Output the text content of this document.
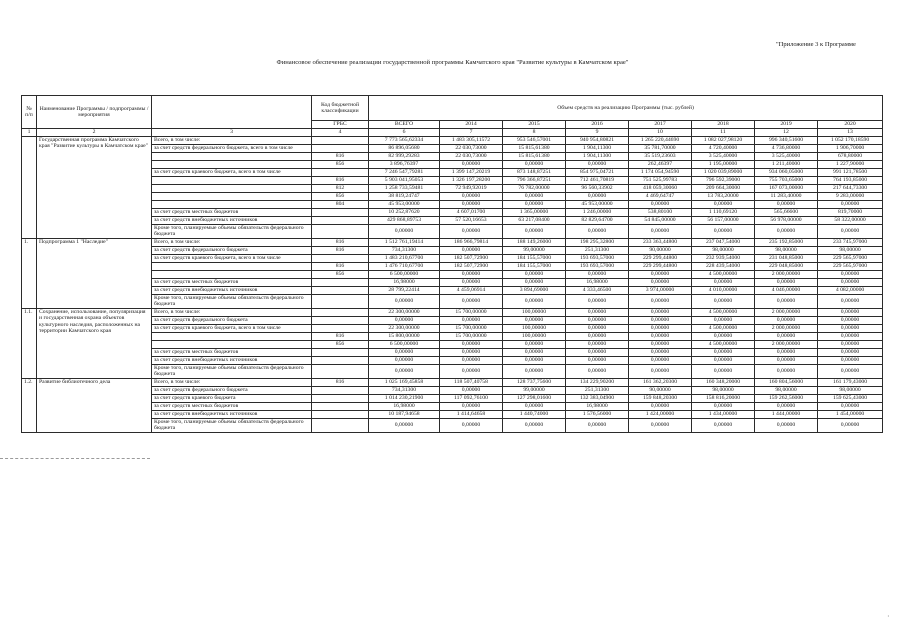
"Приложение 3 к Программе
Финансовое обеспечение реализации государственной программы Камчатского края "Развитие культуры в Камчатском крае"
№ п/п	Наименование Программы / подпрограммы / мероприятия		Код бюджетной классификации	Объем средств на реализацию Программы (тыс. рублей)							
			ГРБС	ВСЕГО	2014	2015	2016	2017	2018	2019	2020
1	2	3	4	6	7	8	9	10	11	12	13
	Государственная программа Камчатского края "Развитие культуры в Камчатском крае"	Всего, в том числе:		7 773 565,62334	1 483 305,11572	953 546,57001	940 954,80821	1 265 220,44690	1 082 027,98120	996 340,51600	1 052 170,18590
		за счет средств федерального бюджета, всего в том числе		86 896,05680	22 030,73000	15 815,61380	1 904,11300	35 781,70000	4 720,40000	4 736,80000	1 906,70000
			816	82 999,29283	22 030,73000	15 815,61380	1 904,11300	35 519,23603	3 525,40000	3 525,40000	678,80000
			856	3 896,76397	0,00000	0,00000	0,00000	262,46397	1 195,00000	1 211,40000	1 227,90000
		за счет средств краевого бюджета, всего в том числе		7 246 547,79281	1 399 147,20219	873 148,87251	854 975,04721	1 174 054,94590	1 020 039,89000	934 060,05000	991 121,78500
			816	5 903 041,95053	1 326 197,28200	796 366,87251	712 461,70819	751 525,99783	796 592,39000	755 703,65000	764 193,85000
			812	1 258 733,59481	72 949,92019	76 782,00000	96 560,33902	418 059,30060	209 664,30000	167 073,00000	217 644,73300
			856	38 819,24747	0,00000	0,00000	0,00000	4 469,64747	13 783,20000	11 283,40000	9 283,00000
			804	45 953,00000	0,00000	0,00000	45 953,00000	0,00000	0,00000	0,00000	0,00000
		за счет средств местных бюджетов		10 252,87620	4 607,01700	1 365,00000	1 246,00000	538,80100	1 110,69120	565,66600	819,70000
		за счет средств внебюджетных источников		429 868,89753	57 520,16653	63 217,08400	82 829,64700	54 845,00000	56 157,00000	56 978,00000	58 322,00000
		Кроме того, планируемые объемы обязательств федерального бюджета		0,00000	0,00000	0,00000	0,00000	0,00000	0,00000	0,00000	0,00000
1.	Подпрограмма 1 "Наследие"	Всего, в том числе:	816	1 512 761,19414	186 966,79814	188 149,26000	198 295,32800	233 363,44800	237 047,54000	235 192,85000	233 745,97000
		за счет средств федерального бюджета	816	734,31300	0,00000	99,00000	251,31300	90,00000	98,00000	98,00000	98,00000
		за счет средств краевого бюджета, всего в том числе		1 483 210,67700	182 507,72900	184 155,57000	193 693,57000	229 299,44800	232 939,54000	231 048,85000	229 565,97000
			816	1 476 710,67700	182 507,72900	184 155,57000	193 693,57000	229 299,44800	228 439,54000	229 048,85000	229 565,97000
			856	6 500,00000	0,00000	0,00000	0,00000	0,00000	4 500,00000	2 000,00000	0,00000
		за счет средств местных бюджетов		16,98000	0,00000	0,00000	16,98000	0,00000	0,00000	0,00000	0,00000
		за счет средств внебюджетных источников		28 799,22414	4 459,06914	3 894,69000	4 333,46500	3 974,00000	4 010,00000	4 046,00000	4 082,00000
		Кроме того, планируемые объемы обязательств федерального бюджета		0,00000	0,00000	0,00000	0,00000	0,00000	0,00000	0,00000	0,00000
1.1.	Сохранение, использование, популяризация и государственная охрана объектов культурного наследия, расположенных на территории Камчатского края	Всего, в том числе:		22 300,00000	15 700,00000	100,00000	0,00000	0,00000	4 500,00000	2 000,00000	0,00000
		за счет средств федерального бюджета		0,00000	0,00000	0,00000	0,00000	0,00000	0,00000	0,00000	0,00000
		за счет средств краевого бюджета, всего в том числе		22 300,00000	15 700,00000	100,00000	0,00000	0,00000	4 500,00000	2 000,00000	0,00000
			816	15 800,00000	15 700,00000	100,00000	0,00000	0,00000	0,00000	0,00000	0,00000
			856	6 500,00000	0,00000	0,00000	0,00000	0,00000	4 500,00000	2 000,00000	0,00000
		за счет средств местных бюджетов		0,00000	0,00000	0,00000	0,00000	0,00000	0,00000	0,00000	0,00000
		за счет средств внебюджетных источников		0,00000	0,00000	0,00000	0,00000	0,00000	0,00000	0,00000	0,00000
		Кроме того, планируемые объемы обязательств федерального бюджета		0,00000	0,00000	0,00000	0,00000	0,00000	0,00000	0,00000	0,00000
1.2.	Развитие библиотечного дела	Всего, в том числе:	816	1 025 169,45858	118 507,40758	128 737,75600	134 229,90200	161 362,20300	160 348,20000	160 804,56000	161 179,43000
		за счет средств федерального бюджета		734,31300	0,00000	99,00000	251,31300	90,00000	98,00000	98,00000	98,00000
		за счет средств краевого бюджета		1 014 230,21900	117 092,76100	127 298,01600	132 383,04900	159 848,20300	158 816,20000	159 262,56000	159 625,43000
		за счет средств местных бюджетов		16,98000	0,00000	0,00000	16,98000	0,00000	0,00000	0,00000	0,00000
		за счет средств внебюджетных источников		10 187,94658	1 414,64658	1 440,74000	1 576,56000	1 424,00000	1 434,00000	1 444,00000	1 454,00000
		Кроме того, планируемые объемы обязательств федерального бюджета		0,00000	0,00000	0,00000	0,00000	0,00000	0,00000	0,00000	0,00000
·
